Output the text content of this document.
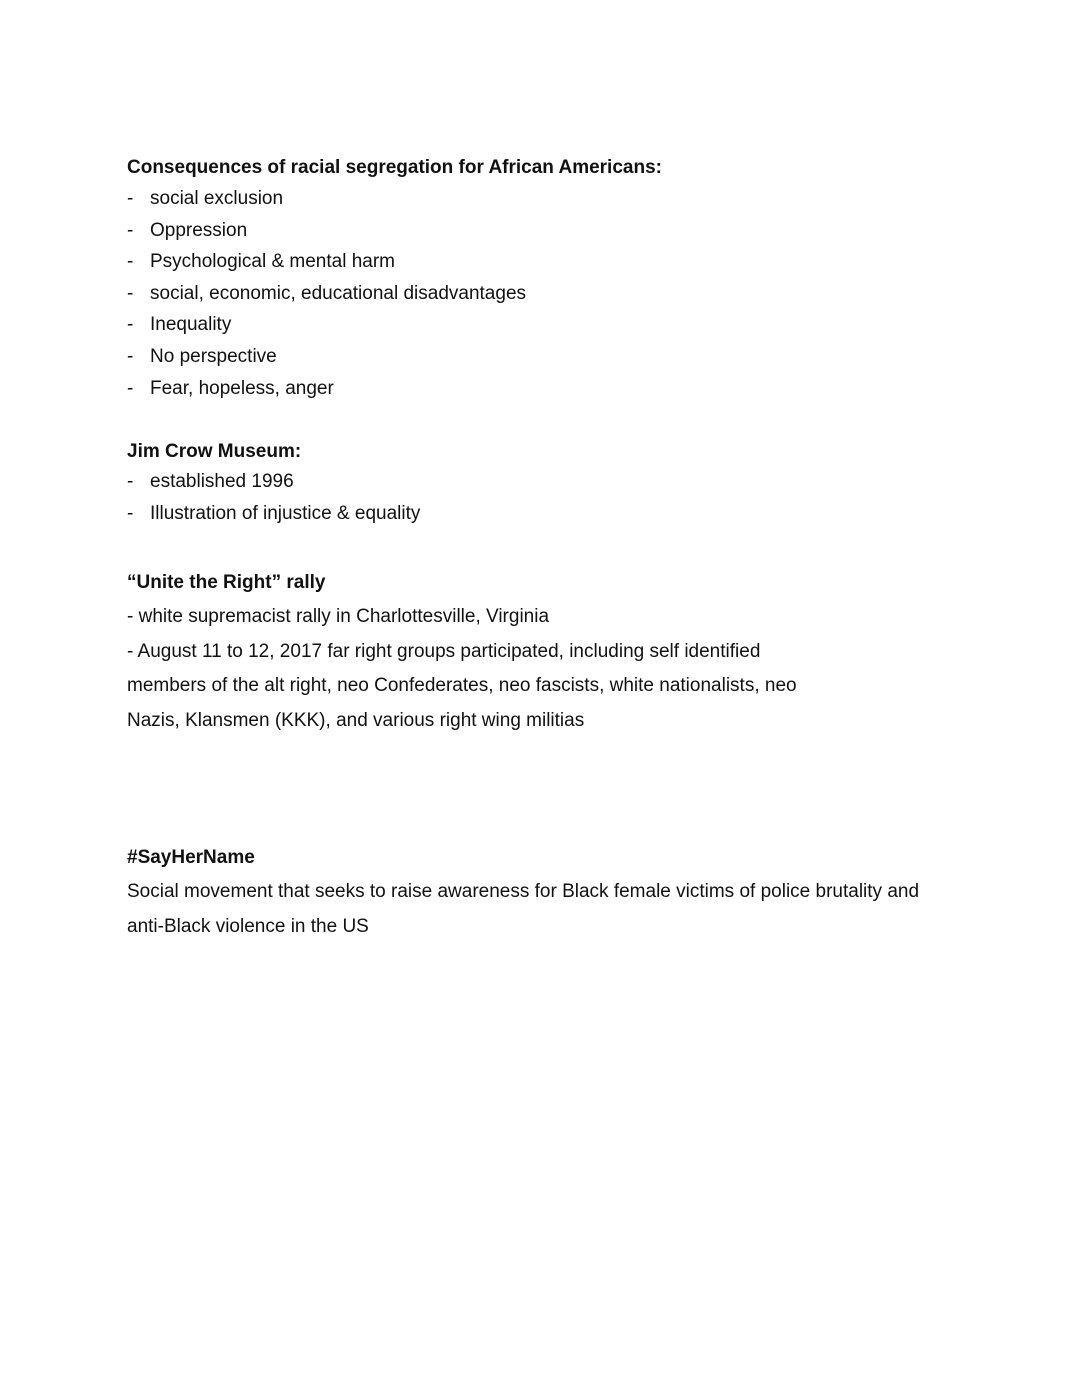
Consequences of racial segregation for African Americans:

- social exclusion
- Oppression
- Psychological & mental harm
- social, economic, educational disadvantages
- Inequality
- No perspective
- Fear, hopeless, anger

Jim Crow Museum:

- established 1996
- Illustration of injustice & equality

“Unite the Right” rally

- white supremacist rally in Charlottesville, Virginia

- August 11 to 12, 2017 far right groups participated, including self identified

members of the alt right, neo Confederates, neo fascists, white nationalists, neo

Nazis, Klansmen (KKK), and various right wing militias

#SayHerName

Social movement that seeks to raise awareness for Black female victims of police brutality and

anti-Black violence in the US
